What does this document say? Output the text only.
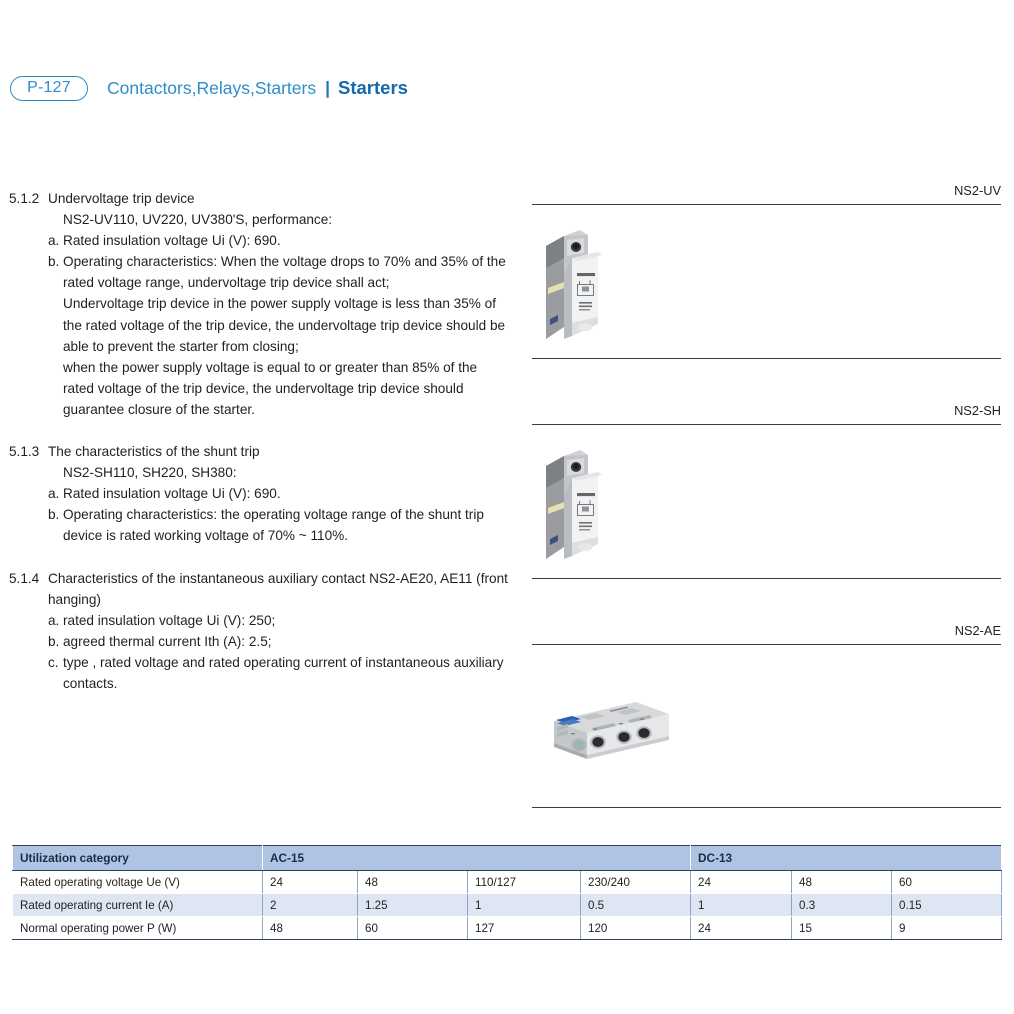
P-127	Contactors,Relays,Starters | Starters
5.1.2 Undervoltage trip device
NS2-UV110, UV220, UV380'S, performance:
a. Rated insulation voltage Ui (V): 690.
b. Operating characteristics: When the voltage drops to 70% and 35% of the rated voltage range, undervoltage trip device shall act;
Undervoltage trip device in the power supply voltage is less than 35% of the rated voltage of the trip device, the undervoltage trip device should be able to prevent the starter from closing;
when the power supply voltage is equal to or greater than 85% of the rated voltage of the trip device, the undervoltage trip device should guarantee closure of the starter.
5.1.3 The characteristics of the shunt trip
NS2-SH110, SH220, SH380:
a. Rated insulation voltage Ui (V): 690.
b. Operating characteristics: the operating voltage range of the shunt trip device is rated working voltage of 70% ~ 110%.
5.1.4 Characteristics of the instantaneous auxiliary contact NS2-AE20, AE11 (front hanging)
a. rated insulation voltage Ui (V): 250;
b. agreed thermal current Ith (A): 2.5;
c. type , rated voltage and rated operating current of instantaneous auxiliary contacts.
NS2-UV
NS2-SH
NS2-AE
Utilization category	AC-15				DC-13		
Rated operating voltage Ue (V)	24	48	110/127	230/240	24	48	60
Rated operating current Ie (A)	2	1.25	1	0.5	1	0.3	0.15
Normal operating power P (W)	48	60	127	120	24	15	9
